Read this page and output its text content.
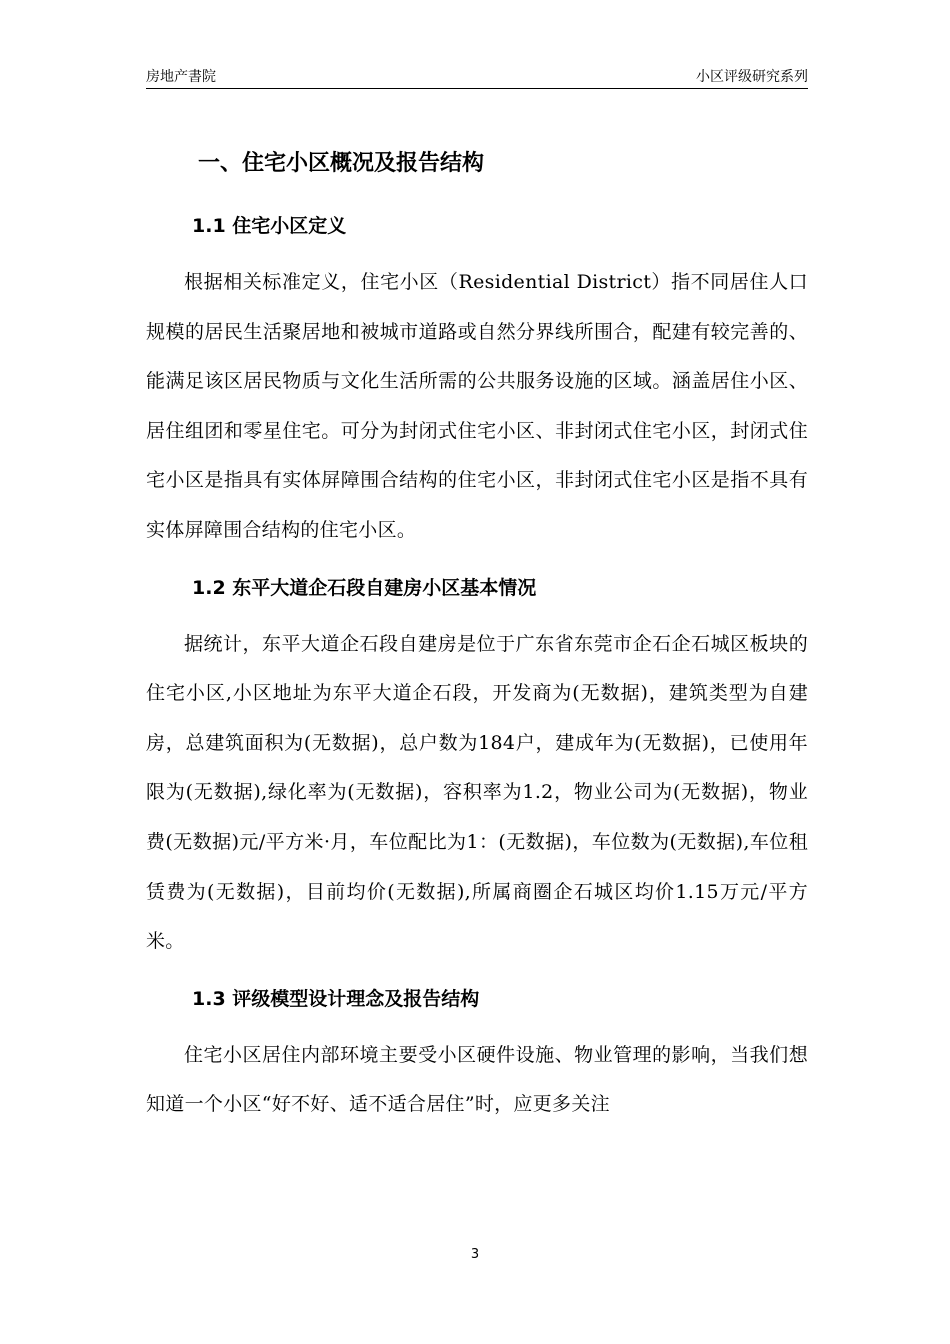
房地产書院	小区评级研究系列
一、住宅小区概况及报告结构
1.1 住宅小区定义

根据相关标准定义，住宅小区（Residential District）指不同居住人口规模的居民生活聚居地和被城市道路或自然分界线所围合，配建有较完善的、能满足该区居民物质与文化生活所需的公共服务设施的区域。涵盖居住小区、居住组团和零星住宅。可分为封闭式住宅小区、非封闭式住宅小区，封闭式住宅小区是指具有实体屏障围合结构的住宅小区，非封闭式住宅小区是指不具有实体屏障围合结构的住宅小区。

1.2 东平大道企石段自建房小区基本情况

据统计，东平大道企石段自建房是位于广东省东莞市企石企石城区板块的住宅小区,小区地址为东平大道企石段，开发商为(无数据)，建筑类型为自建房，总建筑面积为(无数据)，总户数为184户，建成年为(无数据)，已使用年限为(无数据),绿化率为(无数据)，容积率为1.2，物业公司为(无数据)，物业费(无数据)元/平方米·月，车位配比为1：(无数据)，车位数为(无数据),车位租赁费为(无数据)，目前均价(无数据),所属商圈企石城区均价1.15万元/平方米。

1.3 评级模型设计理念及报告结构

住宅小区居住内部环境主要受小区硬件设施、物业管理的影响，当我们想知道一个小区“好不好、适不适合居住”时，应更多关注

3
